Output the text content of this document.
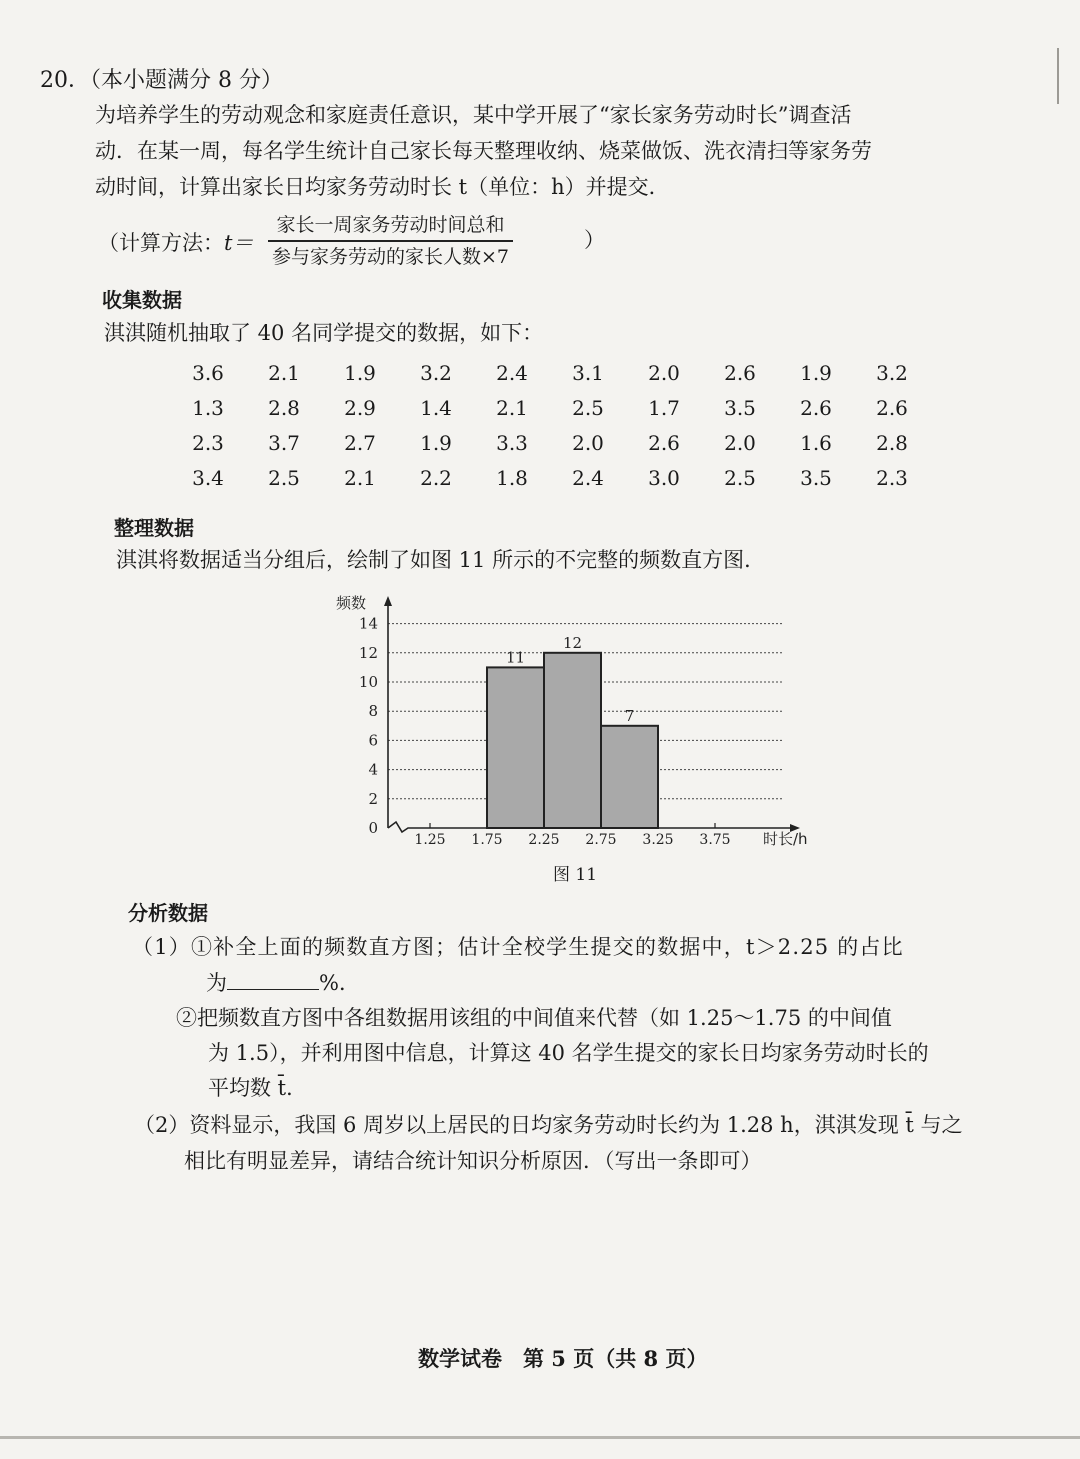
20．（本小题满分 8 分）
为培养学生的劳动观念和家庭责任意识，某中学开展了“家长家务劳动时长”调查活
动．在某一周，每名学生统计自己家长每天整理收纳、烧菜做饭、洗衣清扫等家务劳
动时间，计算出家长日均家务劳动时长 t（单位：h）并提交．
（计算方法：t＝
家长一周家务劳动时间总和
参与家务劳动的家长人数×7
）
收集数据
淇淇随机抽取了 40 名同学提交的数据，如下：
3.6	2.1	1.9	3.2	2.4	3.1	2.0	2.6	1.9	3.2
1.3	2.8	2.9	1.4	2.1	2.5	1.7	3.5	2.6	2.6
2.3	3.7	2.7	1.9	3.3	2.0	2.6	2.0	1.6	2.8
3.4	2.5	2.1	2.2	1.8	2.4	3.0	2.5	3.5	2.3
整理数据
淇淇将数据适当分组后，绘制了如图 11 所示的不完整的频数直方图．
0
2
4
6
8
10
12
14
11
12
7
1.25 1.75 2.25 2.75 3.25 3.75
频数
时长/h
图 11
分析数据
（1）①补全上面的频数直方图；估计全校学生提交的数据中，t＞2.25 的占比
为	%．
②把频数直方图中各组数据用该组的中间值来代替（如 1.25～1.75 的中间值
为 1.5），并利用图中信息，计算这 40 名学生提交的家长日均家务劳动时长的
平均数 t̄．
（2）资料显示，我国 6 周岁以上居民的日均家务劳动时长约为 1.28 h，淇淇发现 t̄ 与之
相比有明显差异，请结合统计知识分析原因．（写出一条即可）
数学试卷　第 5 页（共 8 页）
